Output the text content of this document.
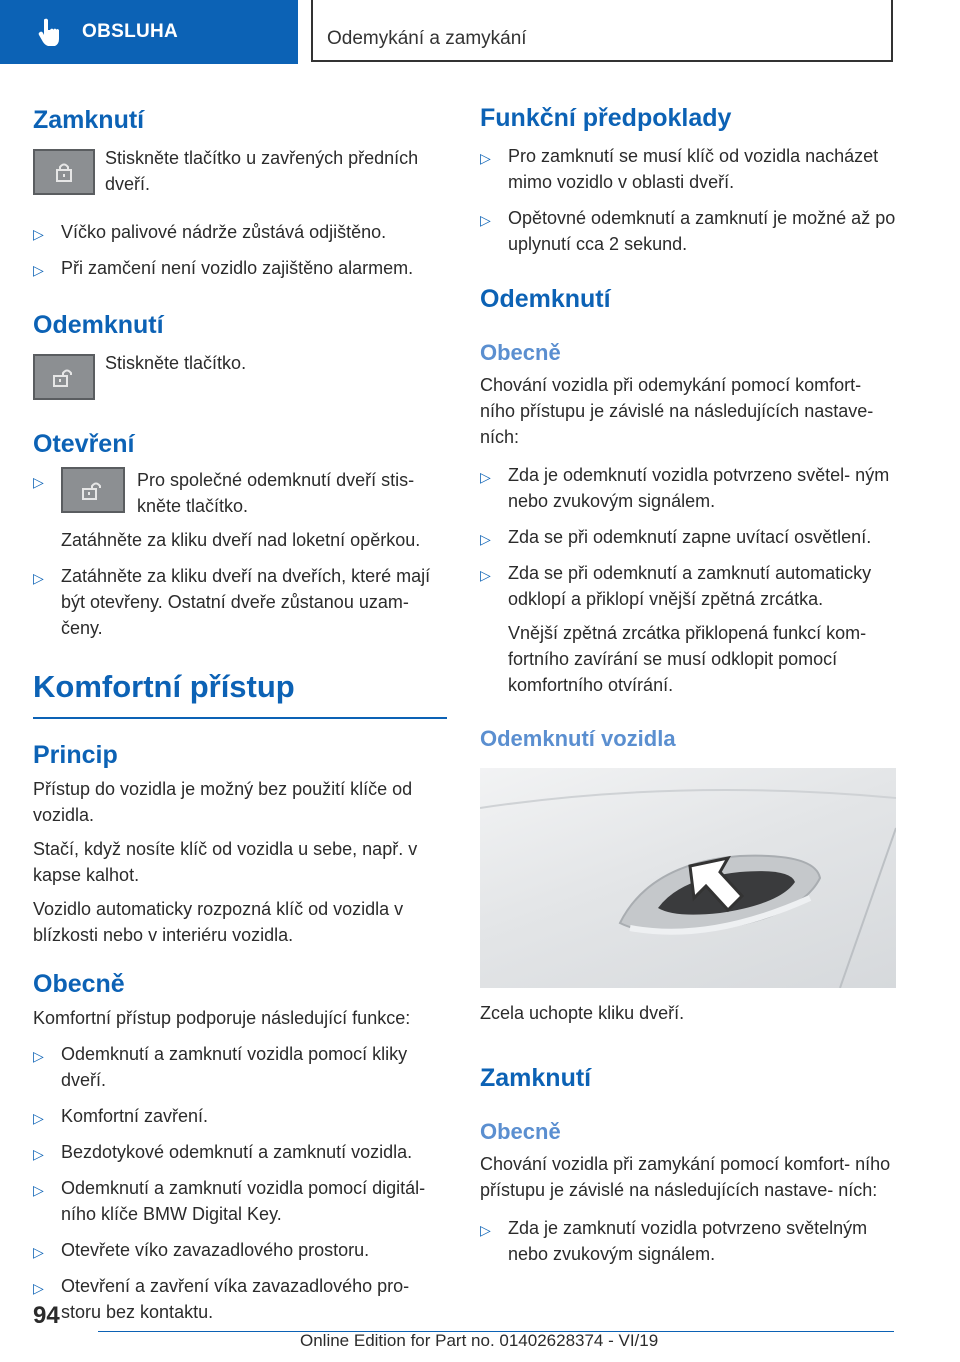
OBSLUHA	Odemykání a zamykání
Zamknutí
Stiskněte tlačítko u zavřených předních dveří.
▷ Víčko palivové nádrže zůstává odjištěno.
▷ Při zamčení není vozidlo zajištěno alarmem.
Odemknutí
Stiskněte tlačítko.
Otevření
▷	Pro společné odemknutí dveří stis‐ kněte tlačítko.
Zatáhněte za kliku dveří nad loketní opěrkou.
▷ Zatáhněte za kliku dveří na dveřích, které mají být otevřeny. Ostatní dveře zůstanou uzam‐ čeny.
Komfortní přístup
Princip

Přístup do vozidla je možný bez použití klíče od vozidla.

Stačí, když nosíte klíč od vozidla u sebe, např. v kapse kalhot.

Vozidlo automaticky rozpozná klíč od vozidla v blízkosti nebo v interiéru vozidla.

Obecně

Komfortní přístup podporuje následující funkce:

▷ Odemknutí a zamknutí vozidla pomocí kliky dveří.
▷ Komfortní zavření.
▷ Bezdotykové odemknutí a zamknutí vozidla.
▷ Odemknutí a zamknutí vozidla pomocí digitál‐ ního klíče BMW Digital Key.
▷ Otevřete víko zavazadlového prostoru.
▷ Otevření a zavření víka zavazadlového pro‐ storu bez kontaktu.
Funkční předpoklady
▷ Pro zamknutí se musí klíč od vozidla nacházet mimo vozidlo v oblasti dveří.
▷ Opětovné odemknutí a zamknutí je možné až po uplynutí cca 2 sekund.
Odemknutí
Obecně

Chování vozidla při odemykání pomocí komfort‐ ního přístupu je závislé na následujících nastave‐ ních:

▷ Zda je odemknutí vozidla potvrzeno světel‐ ným nebo zvukovým signálem.
▷ Zda se při odemknutí zapne uvítací osvětlení.
▷ Zda se při odemknutí a zamknutí automaticky odklopí a přiklopí vnější zpětná zrcátka.
Vnější zpětná zrcátka přiklopená funkcí kom‐ fortního zavírání se musí odklopit pomocí komfortního otvírání.
Odemknutí vozidla

Zcela uchopte kliku dveří.

Zamknutí
Obecně

Chování vozidla při zamykání pomocí komfort‐ ního přístupu je závislé na následujících nastave‐ ních:

▷ Zda je zamknutí vozidla potvrzeno světelným nebo zvukovým signálem.
94
Online Edition for Part no. 01402628374 - VI/19
